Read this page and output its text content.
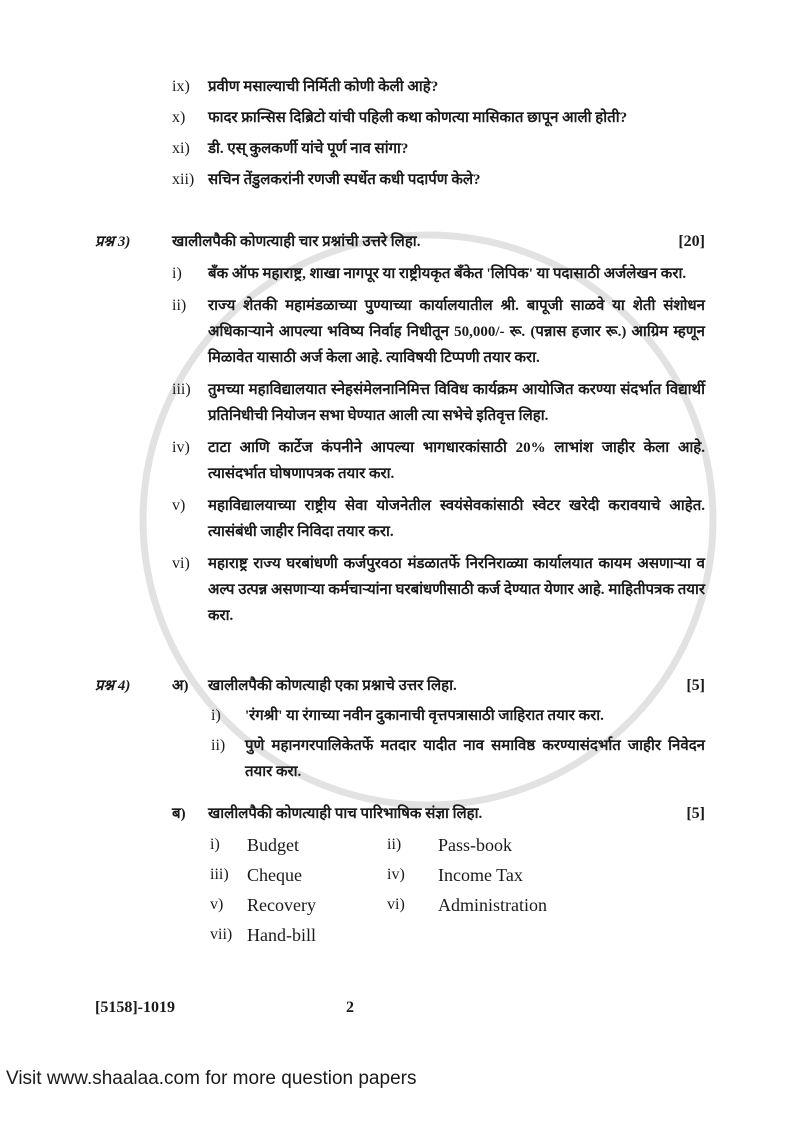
ix)	प्रवीण मसाल्याची निर्मिती कोणी केली आहे?
x)	फादर फ्रान्सिस दिब्रिटो यांची पहिली कथा कोणत्या मासिकात छापून आली होती?
xi)	डी. एस् कुलकर्णी यांचे पूर्ण नाव सांगा?
xii) सचिन तेंडुलकरांनी रणजी स्पर्धेत कधी पदार्पण केले?
प्रश्न 3)	खालीलपैकी कोणत्याही चार प्रश्नांची उत्तरे लिहा.	[20]
i)	बँक ऑफ महाराष्ट्र, शाखा नागपूर या राष्ट्रीयकृत बँकेत 'लिपिक' या पदासाठी अर्जलेखन करा.
ii)	राज्य शेतकी महामंडळाच्या पुण्याच्या कार्यालयातील श्री. बापूजी साळवे या शेती संशोधन अधिकाऱ्याने आपल्या भविष्य निर्वाह निधीतून 50,000/- रू. (पन्नास हजार रू.) आग्रिम म्हणून मिळावेत यासाठी अर्ज केला आहे. त्याविषयी टिप्पणी तयार करा.
iii)	तुमच्या महाविद्यालयात स्नेहसंमेलनानिमित्त विविध कार्यक्रम आयोजित करण्या संदर्भात विद्यार्थी प्रतिनिधीची नियोजन सभा घेण्यात आली त्या सभेचे इतिवृत्त लिहा.
iv)	टाटा आणि कार्टेज कंपनीने आपल्या भागधारकांसाठी 20% लाभांश जाहीर केला आहे. त्यासंदर्भात घोषणापत्रक तयार करा.
v)	महाविद्यालयाच्या राष्ट्रीय सेवा योजनेतील स्वयंसेवकांसाठी स्वेटर खरेदी करावयाचे आहेत. त्यासंबंधी जाहीर निविदा तयार करा.
vi)	महाराष्ट्र राज्य घरबांधणी कर्जपुरवठा मंडळातर्फे निरनिराळ्या कार्यालयात कायम असणाऱ्या व अल्प उत्पन्न असणाऱ्या कर्मचाऱ्यांना घरबांधणीसाठी कर्ज देण्यात येणार आहे. माहितीपत्रक तयार करा.
प्रश्न 4)	अ)	खालीलपैकी कोणत्याही एका प्रश्नाचे उत्तर लिहा.	[5]
i)	'रंगश्री' या रंगाच्या नवीन दुकानाची वृत्तपत्रासाठी जाहिरात तयार करा.
ii)	पुणे महानगरपालिकेतर्फे मतदार यादीत नाव समाविष्ठ करण्यासंदर्भात जाहीर निवेदन तयार करा.
ब)	खालीलपैकी कोणत्याही पाच पारिभाषिक संज्ञा लिहा.	[5]
i)	Budget	ii)	Pass-book
iii)	Cheque	iv)	Income Tax
v)	Recovery	vi)	Administration
vii) Hand-bill
[5158]-1019	2
Visit www.shaalaa.com for more question papers
